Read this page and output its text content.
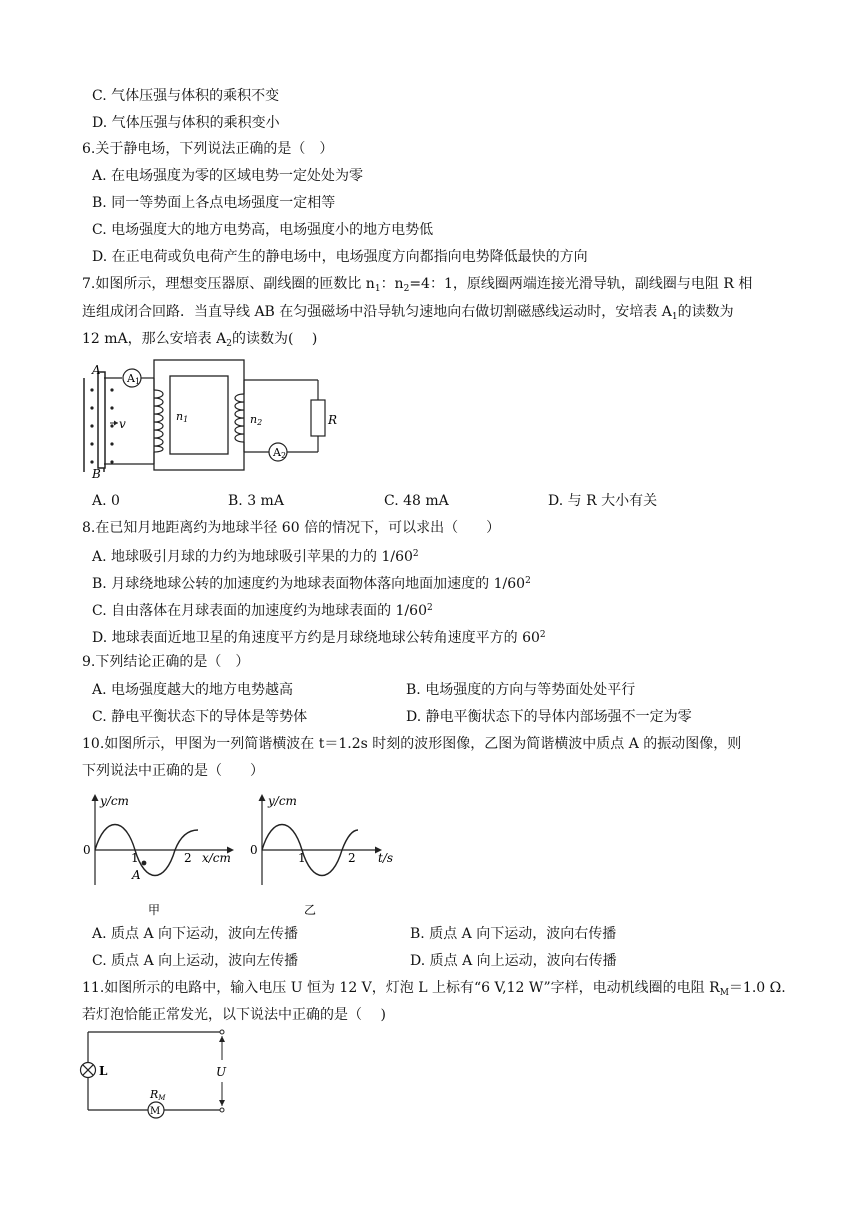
C. 气体压强与体积的乘积不变
D. 气体压强与体积的乘积变小
6.关于静电场，下列说法正确的是（　）
A. 在电场强度为零的区域电势一定处处为零
B. 同一等势面上各点电场强度一定相等
C. 电场强度大的地方电势高，电场强度小的地方电势低
D. 在正电荷或负电荷产生的静电场中，电场强度方向都指向电势降低最快的方向
7.如图所示，理想变压器原、副线圈的匝数比 $n_1$：$n_2=4$：1，原线圈两端连接光滑导轨，副线圈与电阻 R 相
连组成闭合回路．当直导线 AB 在匀强磁场中沿导轨匀速地向右做切割磁感线运动时，安培表 $A_1$的读数为
12 mA，那么安培表 $A_2$的读数为(　 )
v
A
B
A1
n1	n2	R
A2
A. 0	B. 3 mA	C. 48 mA	D. 与 R 大小有关
8.在已知月地距离约为地球半径 60 倍的情况下，可以求出（　　）
A. 地球吸引月球的力约为地球吸引苹果的力的 $1/60^2$
B. 月球绕地球公转的加速度约为地球表面物体落向地面加速度的 $1/60^2$
C. 自由落体在月球表面的加速度约为地球表面的 $1/60^2$
D. 地球表面近地卫星的角速度平方约是月球绕地球公转角速度平方的 $60^2$
9.下列结论正确的是（　）
A. 电场强度越大的地方电势越高	B. 电场强度的方向与等势面处处平行
C. 静电平衡状态下的导体是等势体	D. 静电平衡状态下的导体内部场强不一定为零
10.如图所示，甲图为一列简谐横波在 t＝1.2s 时刻的波形图像，乙图为简谐横波中质点 A 的振动图像，则
下列说法中正确的是（　　）
y/cm
0
1	2 x/cm
A
甲
y/cm
0
1	2 t/s
乙
A. 质点 A 向下运动，波向左传播	B. 质点 A 向下运动，波向右传播
C. 质点 A 向上运动，波向左传播	D. 质点 A 向上运动，波向右传播
11.如图所示的电路中，输入电压 U 恒为 12 V，灯泡 L 上标有“6 V,12 W”字样，电动机线圈的电阻 $R_M=1.0$ Ω.
若灯泡恰能正常发光，以下说法中正确的是（　 )
L
M
RM
U
